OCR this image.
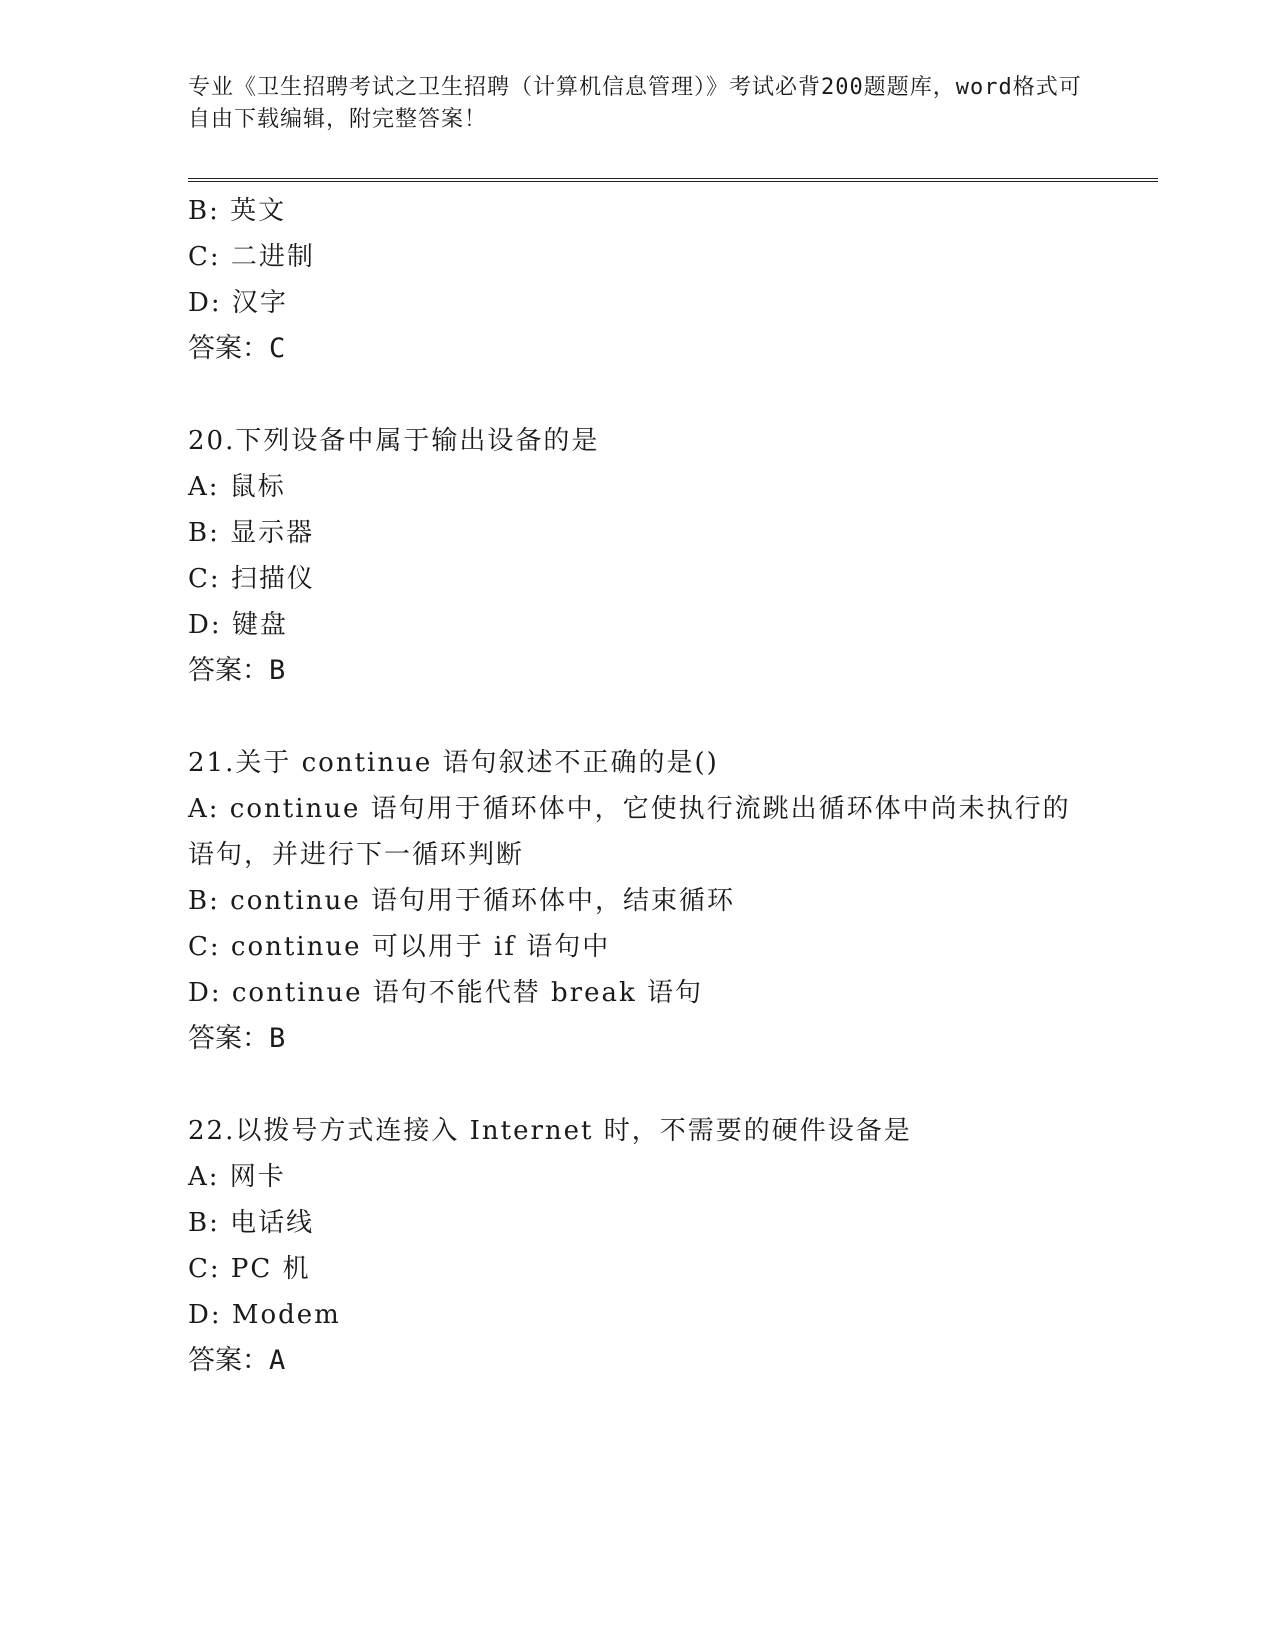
专业《卫生招聘考试之卫生招聘（计算机信息管理）》考试必背200题题库，word格式可自由下载编辑，附完整答案！
B: 英文
C: 二进制
D: 汉字
答案：C
20.下列设备中属于输出设备的是
A: 鼠标
B: 显示器
C: 扫描仪
D: 键盘
答案：B
21.关于 continue 语句叙述不正确的是()
A: continue 语句用于循环体中，它使执行流跳出循环体中尚未执行的语句，并进行下一循环判断
B: continue 语句用于循环体中，结束循环
C: continue 可以用于 if 语句中
D: continue 语句不能代替 break 语句
答案：B
22.以拨号方式连接入 Internet 时，不需要的硬件设备是
A: 网卡
B: 电话线
C: PC 机
D: Modem
答案：A
